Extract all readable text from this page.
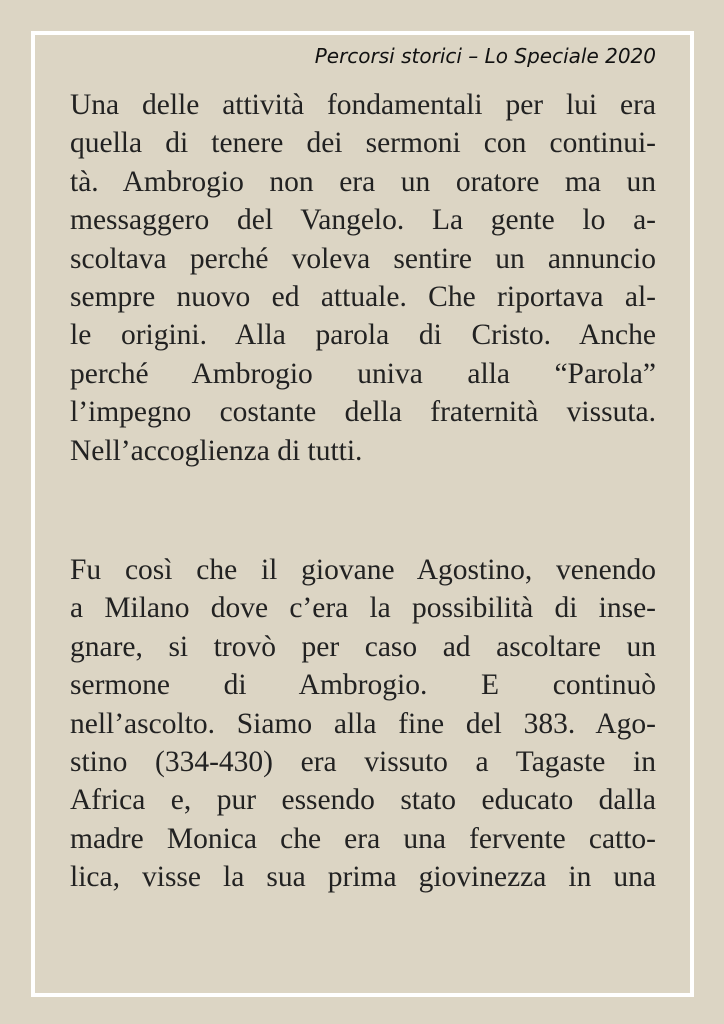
Percorsi storici – Lo Speciale 2020
Una delle attività fondamentali per lui era
quella di tenere dei sermoni con continui-
tà. Ambrogio non era un oratore ma un
messaggero del Vangelo. La gente lo a-
scoltava perché voleva sentire un annuncio
sempre nuovo ed attuale. Che riportava al-
le origini. Alla parola di Cristo. Anche
perché Ambrogio univa alla “Parola”
l’impegno costante della fraternità vissuta.
Nell’accoglienza di tutti.
Fu così che il giovane Agostino, venendo
a Milano dove c’era la possibilità di inse-
gnare, si trovò per caso ad ascoltare un
sermone di Ambrogio. E continuò
nell’ascolto. Siamo alla fine del 383. Ago-
stino (334-430) era vissuto a Tagaste in
Africa e, pur essendo stato educato dalla
madre Monica che era una fervente catto-
lica, visse la sua prima giovinezza in una
